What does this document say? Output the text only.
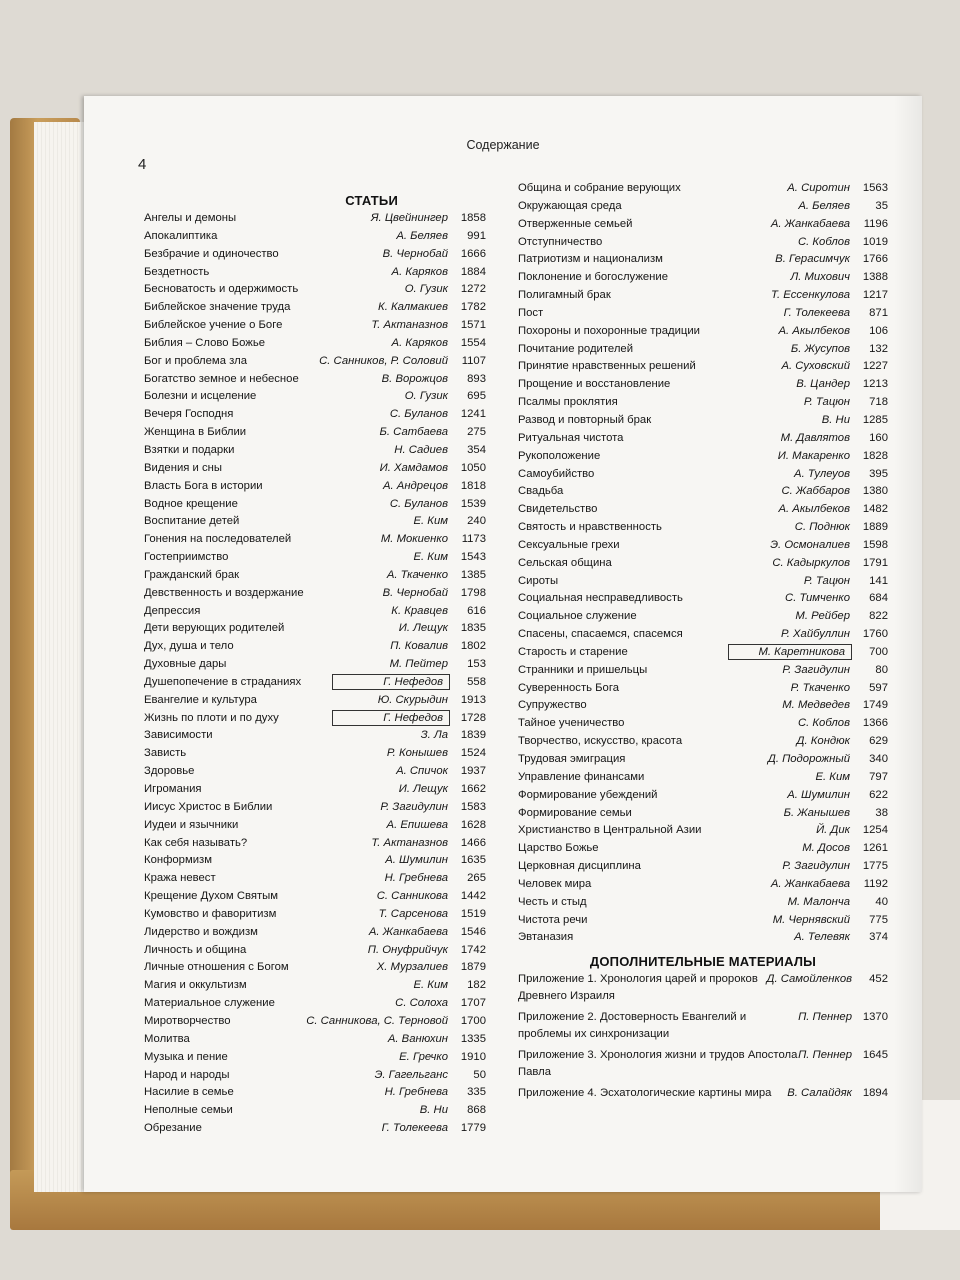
4
Содержание
СТАТЬИ
Ангелы и демоны	Я. Цвейнингер	1858
Апокалиптика	А. Беляев	991
Безбрачие и одиночество	В. Чернобай	1666
Бездетность	А. Каряков	1884
Бесноватость и одержимость	О. Гузик	1272
Библейское значение труда	К. Калмакиев	1782
Библейское учение о Боге	Т. Актаназнов	1571
Библия – Слово Божье	А. Каряков	1554
Бог и проблема зла	С. Санников, Р. Соловий	1107
Богатство земное и небесное	В. Ворожцов	893
Болезни и исцеление	О. Гузик	695
Вечеря Господня	С. Буланов	1241
Женщина в Библии	Б. Сатбаева	275
Взятки и подарки	Н. Садиев	354
Видения и сны	И. Хамдамов	1050
Власть Бога в истории	А. Андрецов	1818
Водное крещение	С. Буланов	1539
Воспитание детей	Е. Ким	240
Гонения на последователей	М. Мокиенко	1173
Гостеприимство	Е. Ким	1543
Гражданский брак	А. Ткаченко	1385
Девственность и воздержание	В. Чернобай	1798
Депрессия	К. Кравцев	616
Дети верующих родителей	И. Лещук	1835
Дух, душа и тело	П. Ковалив	1802
Духовные дары	М. Пейтер	153
Душепопечение в страданиях	Г. Нефедов	558
Евангелие и культура	Ю. Скурыдин	1913
Жизнь по плоти и по духу	Г. Нефедов	1728
Зависимости	З. Ла	1839
Зависть	Р. Конышев	1524
Здоровье	А. Спичок	1937
Игромания	И. Лещук	1662
Иисус Христос в Библии	Р. Загидулин	1583
Иудеи и язычники	А. Епишева	1628
Как себя называть?	Т. Актаназнов	1466
Конформизм	А. Шумилин	1635
Кража невест	Н. Гребнева	265
Крещение Духом Святым	С. Санникова	1442
Кумовство и фаворитизм	Т. Сарсенова	1519
Лидерство и вождизм	А. Жанкабаева	1546
Личность и община	П. Онуфрийчук	1742
Личные отношения с Богом	Х. Мурзалиев	1879
Магия и оккультизм	Е. Ким	182
Материальное служение	С. Солоха	1707
Миротворчество	С. Санникова, С. Терновой	1700
Молитва	А. Ванюхин	1335
Музыка и пение	Е. Гречко	1910
Народ и народы	Э. Гагельганс	50
Насилие в семье	Н. Гребнева	335
Неполные семьи	В. Ни	868
Обрезание	Г. Толекеева	1779
Община и собрание верующих	А. Сиротин	1563
Окружающая среда	А. Беляев	35
Отверженные семьей	А. Жанкабаева	1196
Отступничество	С. Коблов	1019
Патриотизм и национализм	В. Герасимчук	1766
Поклонение и богослужение	Л. Михович	1388
Полигамный брак	Т. Ессенкулова	1217
Пост	Г. Толекеева	871
Похороны и похоронные традиции	А. Акылбеков	106
Почитание родителей	Б. Жусупов	132
Принятие нравственных решений	А. Суховский	1227
Прощение и восстановление	В. Цандер	1213
Псалмы проклятия	Р. Тацюн	718
Развод и повторный брак	В. Ни	1285
Ритуальная чистота	М. Давлятов	160
Рукоположение	И. Макаренко	1828
Самоубийство	А. Тулеуов	395
Свадьба	С. Жаббаров	1380
Свидетельство	А. Акылбеков	1482
Святость и нравственность	С. Поднюк	1889
Сексуальные грехи	Э. Осмоналиев	1598
Сельская община	С. Кадыркулов	1791
Сироты	Р. Тацюн	141
Социальная несправедливость	С. Тимченко	684
Социальное служение	М. Рейбер	822
Спасены, спасаемся, спасемся	Р. Хайбуллин	1760
Старость и старение	М. Каретникова	700
Странники и пришельцы	Р. Загидулин	80
Суверенность Бога	Р. Ткаченко	597
Супружество	М. Медведев	1749
Тайное ученичество	С. Коблов	1366
Творчество, искусство, красота	Д. Кондюк	629
Трудовая эмиграция	Д. Подорожный	340
Управление финансами	Е. Ким	797
Формирование убеждений	А. Шумилин	622
Формирование семьи	Б. Жанышев	38
Христианство в Центральной Азии	Й. Дик	1254
Царство Божье	М. Досов	1261
Церковная дисциплина	Р. Загидулин	1775
Человек мира	А. Жанкабаева	1192
Честь и стыд	М. Малонча	40
Чистота речи	М. Чернявский	775
Эвтаназия	А. Телевяк	374
ДОПОЛНИТЕЛЬНЫЕ МАТЕРИАЛЫ
Приложение 1. Хронология царей и пророков Древнего Израиля
Д. Самойленков	452
Приложение 2. Достоверность Евангелий и проблемы их синхронизации
П. Пеннер 1370
Приложение 3. Хронология жизни и трудов Апостола Павла
П. Пеннер 1645
Приложение 4. Эсхатологические картины мира	В. Салайдяк 1894
